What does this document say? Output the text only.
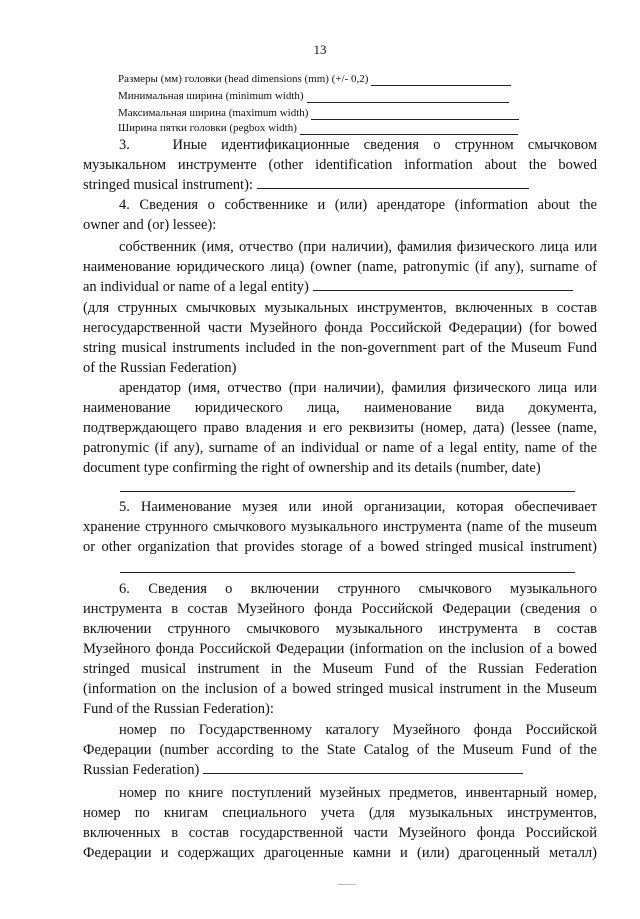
13
Размеры (мм) головки (head dimensions (mm) (+/- 0,2)
Минимальная ширина (minimum width)
Максимальная ширина (maximum width)
Ширина пятки головки (pegbox width)
3.	Иные идентификационные сведения о струнном смычковом
музыкальном инструменте (other identification information about the bowed
stringed musical instrument):
4. Сведения о собственнике и (или) арендаторе (information about the
owner and (or) lessee):
собственник (имя, отчество (при наличии), фамилия физического лица или
наименование юридического лица) (owner (name, patronymic (if any), surname of
an individual or name of a legal entity)
(для струнных смычковых музыкальных инструментов, включенных в состав
негосударственной части Музейного фонда Российской Федерации) (for bowed
string musical instruments included in the non-government part of the Museum Fund
of the Russian Federation)
арендатор (имя, отчество (при наличии), фамилия физического лица или
наименование юридического лица, наименование вида документа,
подтверждающего право владения и его реквизиты (номер, дата) (lessee (name,
patronymic (if any), surname of an individual or name of a legal entity, name of the
document type confirming the right of ownership and its details (number, date)
5. Наименование музея или иной организации, которая обеспечивает
хранение струнного смычкового музыкального инструмента (name of the museum
or other organization that provides storage of a bowed stringed musical instrument)
6. Сведения о включении струнного смычкового музыкального
инструмента в состав Музейного фонда Российской Федерации (сведения о
включении струнного смычкового музыкального инструмента в состав
Музейного фонда Российской Федерации (information on the inclusion of a bowed
stringed musical instrument in the Museum Fund of the Russian Federation
(information on the inclusion of a bowed stringed musical instrument in the Museum
Fund of the Russian Federation):
номер по Государственному каталогу Музейного фонда Российской
Федерации (number according to the State Catalog of the Museum Fund of the
Russian Federation)
номер по книге поступлений музейных предметов, инвентарный номер,
номер по книгам специального учета (для музыкальных инструментов,
включенных в состав государственной части Музейного фонда Российской
Федерации и содержащих драгоценные камни и (или) драгоценный металл)
